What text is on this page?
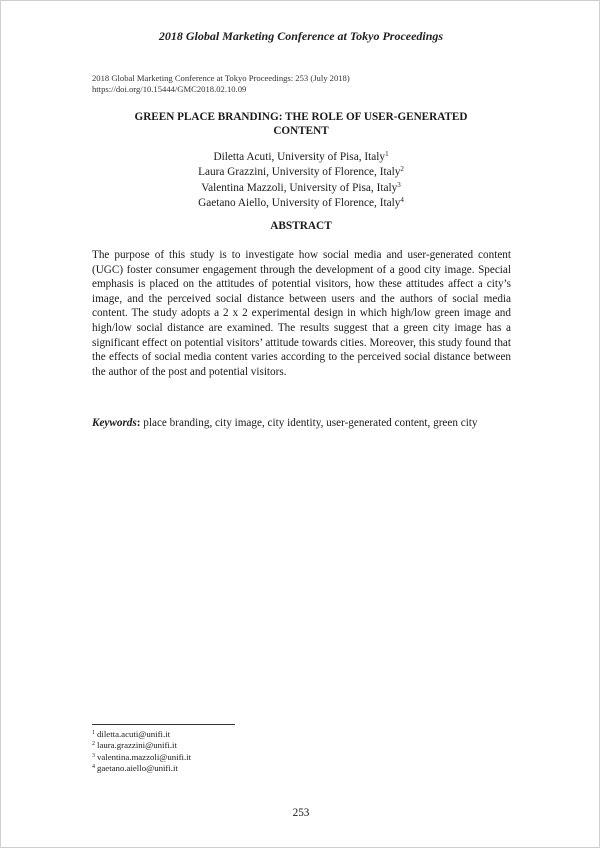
2018 Global Marketing Conference at Tokyo Proceedings
2018 Global Marketing Conference at Tokyo Proceedings: 253 (July 2018)
https://doi.org/10.15444/GMC2018.02.10.09
GREEN PLACE BRANDING: THE ROLE OF USER-GENERATED
CONTENT
Diletta Acuti, University of Pisa, Italy$^1$
Laura Grazzini, University of Florence, Italy$^2$
Valentina Mazzoli, University of Pisa, Italy$^3$
Gaetano Aiello, University of Florence, Italy$^4$
ABSTRACT
The purpose of this study is to investigate how social media and user-generated content (UGC) foster consumer engagement through the development of a good city image. Special emphasis is placed on the attitudes of potential visitors, how these attitudes affect a city’s image, and the perceived social distance between users and the authors of social media content. The study adopts a 2 x 2 experimental design in which high/low green image and high/low social distance are examined. The results suggest that a green city image has a significant effect on potential visitors’ attitude towards cities. Moreover, this study found that the effects of social media content varies according to the perceived social distance between the author of the post and potential visitors.
Keywords: place branding, city image, city identity, user-generated content, green city
$^1$ diletta.acuti@unifi.it
$^2$ laura.grazzini@unifi.it
$^3$ valentina.mazzoli@unifi.it
$^4$ gaetano.aiello@unifi.it
253
